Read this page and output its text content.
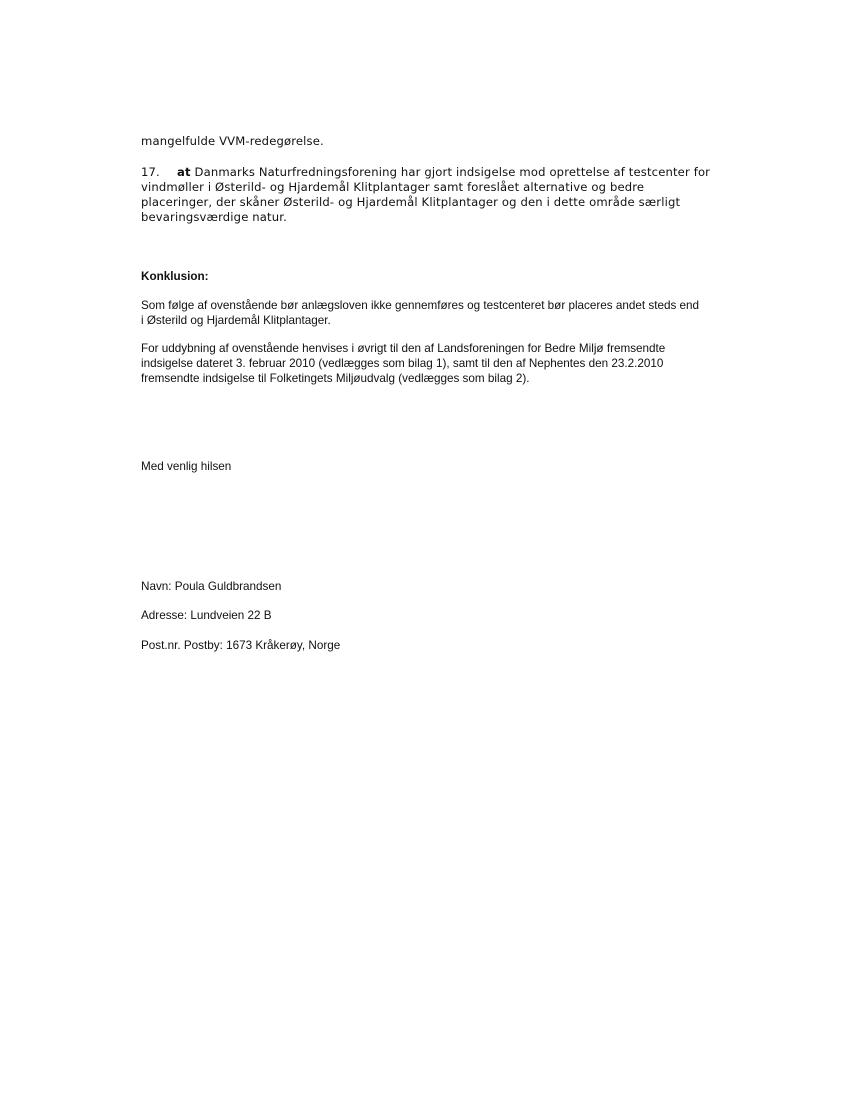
mangelfulde VVM-redegørelse.

17. at Danmarks Naturfredningsforening har gjort indsigelse mod oprettelse af testcenter for vindmøller i Østerild- og Hjardemål Klitplantager samt foreslået alternative og bedre placeringer, der skåner Østerild- og Hjardemål Klitplantager og den i dette område særligt bevaringsværdige natur.

Konklusion:

Som følge af ovenstående bør anlægsloven ikke gennemføres og testcenteret bør placeres andet steds end i Østerild og Hjardemål Klitplantager.

For uddybning af ovenstående henvises i øvrigt til den af Landsforeningen for Bedre Miljø fremsendte indsigelse dateret 3. februar 2010 (vedlægges som bilag 1), samt til den af Nephentes den 23.2.2010 fremsendte indsigelse til Folketingets Miljøudvalg (vedlægges som bilag 2).

Med venlig hilsen

Navn: Poula Guldbrandsen

Adresse: Lundveien 22 B

Post.nr. Postby: 1673 Kråkerøy, Norge
